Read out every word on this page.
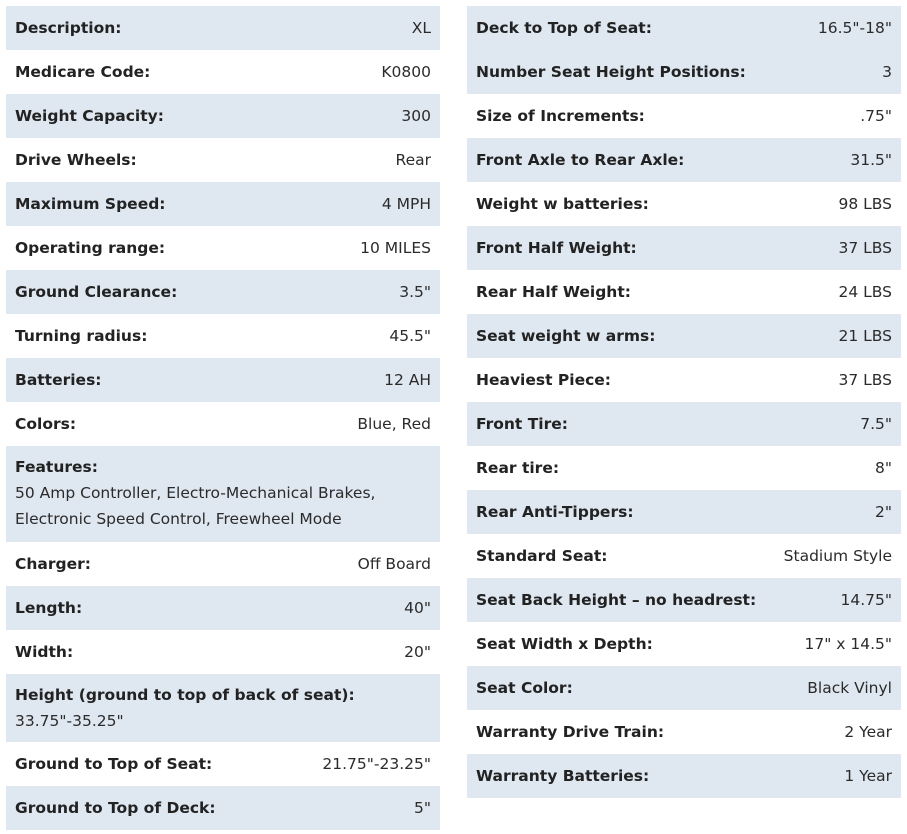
Description:	XL
Medicare Code:	K0800
Weight Capacity:	300
Drive Wheels:	Rear
Maximum Speed:	4 MPH
Operating range:	10 MILES
Ground Clearance:	3.5"
Turning radius:	45.5"
Batteries:	12 AH
Colors:	Blue, Red
Features:
50 Amp Controller, Electro-Mechanical Brakes, Electronic Speed Control, Freewheel Mode
Charger:	Off Board
Length:	40"
Width:	20"
Height (ground to top of back of seat):
33.75"-35.25"
Ground to Top of Seat:	21.75"-23.25"
Ground to Top of Deck:	5"
Deck to Top of Seat:	16.5"-18"
Number Seat Height Positions:	3
Size of Increments:	.75"
Front Axle to Rear Axle:	31.5"
Weight w batteries:	98 LBS
Front Half Weight:	37 LBS
Rear Half Weight:	24 LBS
Seat weight w arms:	21 LBS
Heaviest Piece:	37 LBS
Front Tire:	7.5"
Rear tire:	8"
Rear Anti-Tippers:	2"
Standard Seat:	Stadium Style
Seat Back Height – no headrest:	14.75"
Seat Width x Depth:	17" x 14.5"
Seat Color:	Black Vinyl
Warranty Drive Train:	2 Year
Warranty Batteries:	1 Year
